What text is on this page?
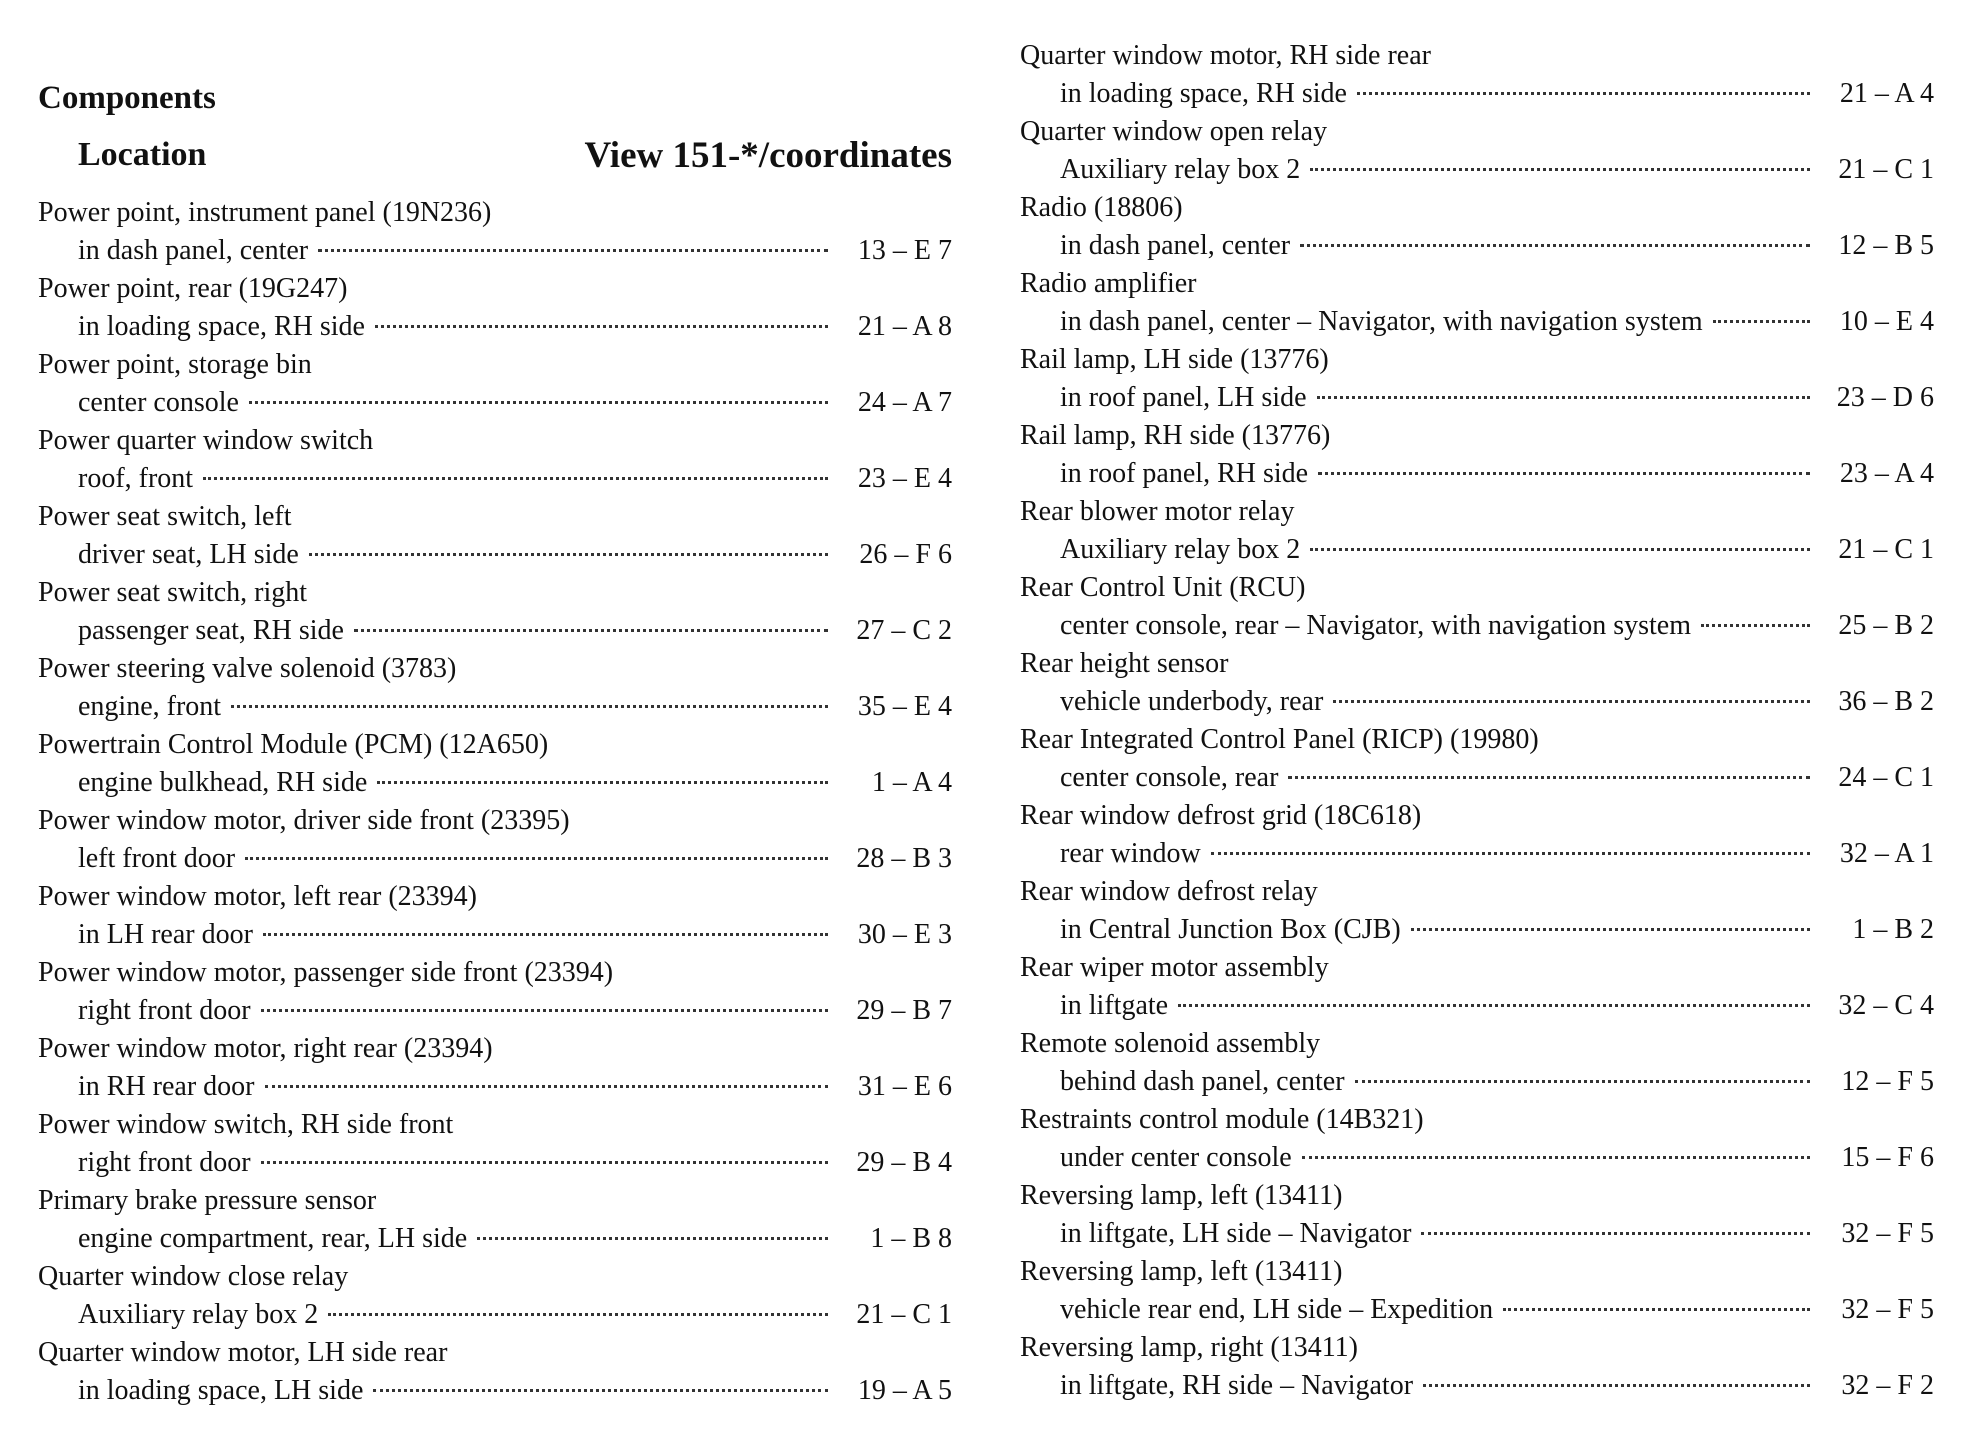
Components
Location	View 151-*/coordinates
Power point, instrument panel (19N236)
in dash panel, center	13 – E 7
Power point, rear (19G247)
in loading space, RH side	21 – A 8
Power point, storage bin
center console	24 – A 7
Power quarter window switch
roof, front	23 – E 4
Power seat switch, left
driver seat, LH side	26 – F 6
Power seat switch, right
passenger seat, RH side	27 – C 2
Power steering valve solenoid (3783)
engine, front	35 – E 4
Powertrain Control Module (PCM) (12A650)
engine bulkhead, RH side	1 – A 4
Power window motor, driver side front (23395)
left front door	28 – B 3
Power window motor, left rear (23394)
in LH rear door	30 – E 3
Power window motor, passenger side front (23394)
right front door	29 – B 7
Power window motor, right rear (23394)
in RH rear door	31 – E 6
Power window switch, RH side front
right front door	29 – B 4
Primary brake pressure sensor
engine compartment, rear, LH side	1 – B 8
Quarter window close relay
Auxiliary relay box 2	21 – C 1
Quarter window motor, LH side rear
in loading space, LH side	19 – A 5
Quarter window motor, RH side rear
in loading space, RH side	21 – A 4
Quarter window open relay
Auxiliary relay box 2	21 – C 1
Radio (18806)
in dash panel, center	12 – B 5
Radio amplifier
in dash panel, center – Navigator, with navigation system	10 – E 4
Rail lamp, LH side (13776)
in roof panel, LH side	23 – D 6
Rail lamp, RH side (13776)
in roof panel, RH side	23 – A 4
Rear blower motor relay
Auxiliary relay box 2	21 – C 1
Rear Control Unit (RCU)
center console, rear – Navigator, with navigation system	25 – B 2
Rear height sensor
vehicle underbody, rear	36 – B 2
Rear Integrated Control Panel (RICP) (19980)
center console, rear	24 – C 1
Rear window defrost grid (18C618)
rear window	32 – A 1
Rear window defrost relay
in Central Junction Box (CJB)	1 – B 2
Rear wiper motor assembly
in liftgate	32 – C 4
Remote solenoid assembly
behind dash panel, center	12 – F 5
Restraints control module (14B321)
under center console	15 – F 6
Reversing lamp, left (13411)
in liftgate, LH side – Navigator	32 – F 5
Reversing lamp, left (13411)
vehicle rear end, LH side – Expedition	32 – F 5
Reversing lamp, right (13411)
in liftgate, RH side – Navigator	32 – F 2
